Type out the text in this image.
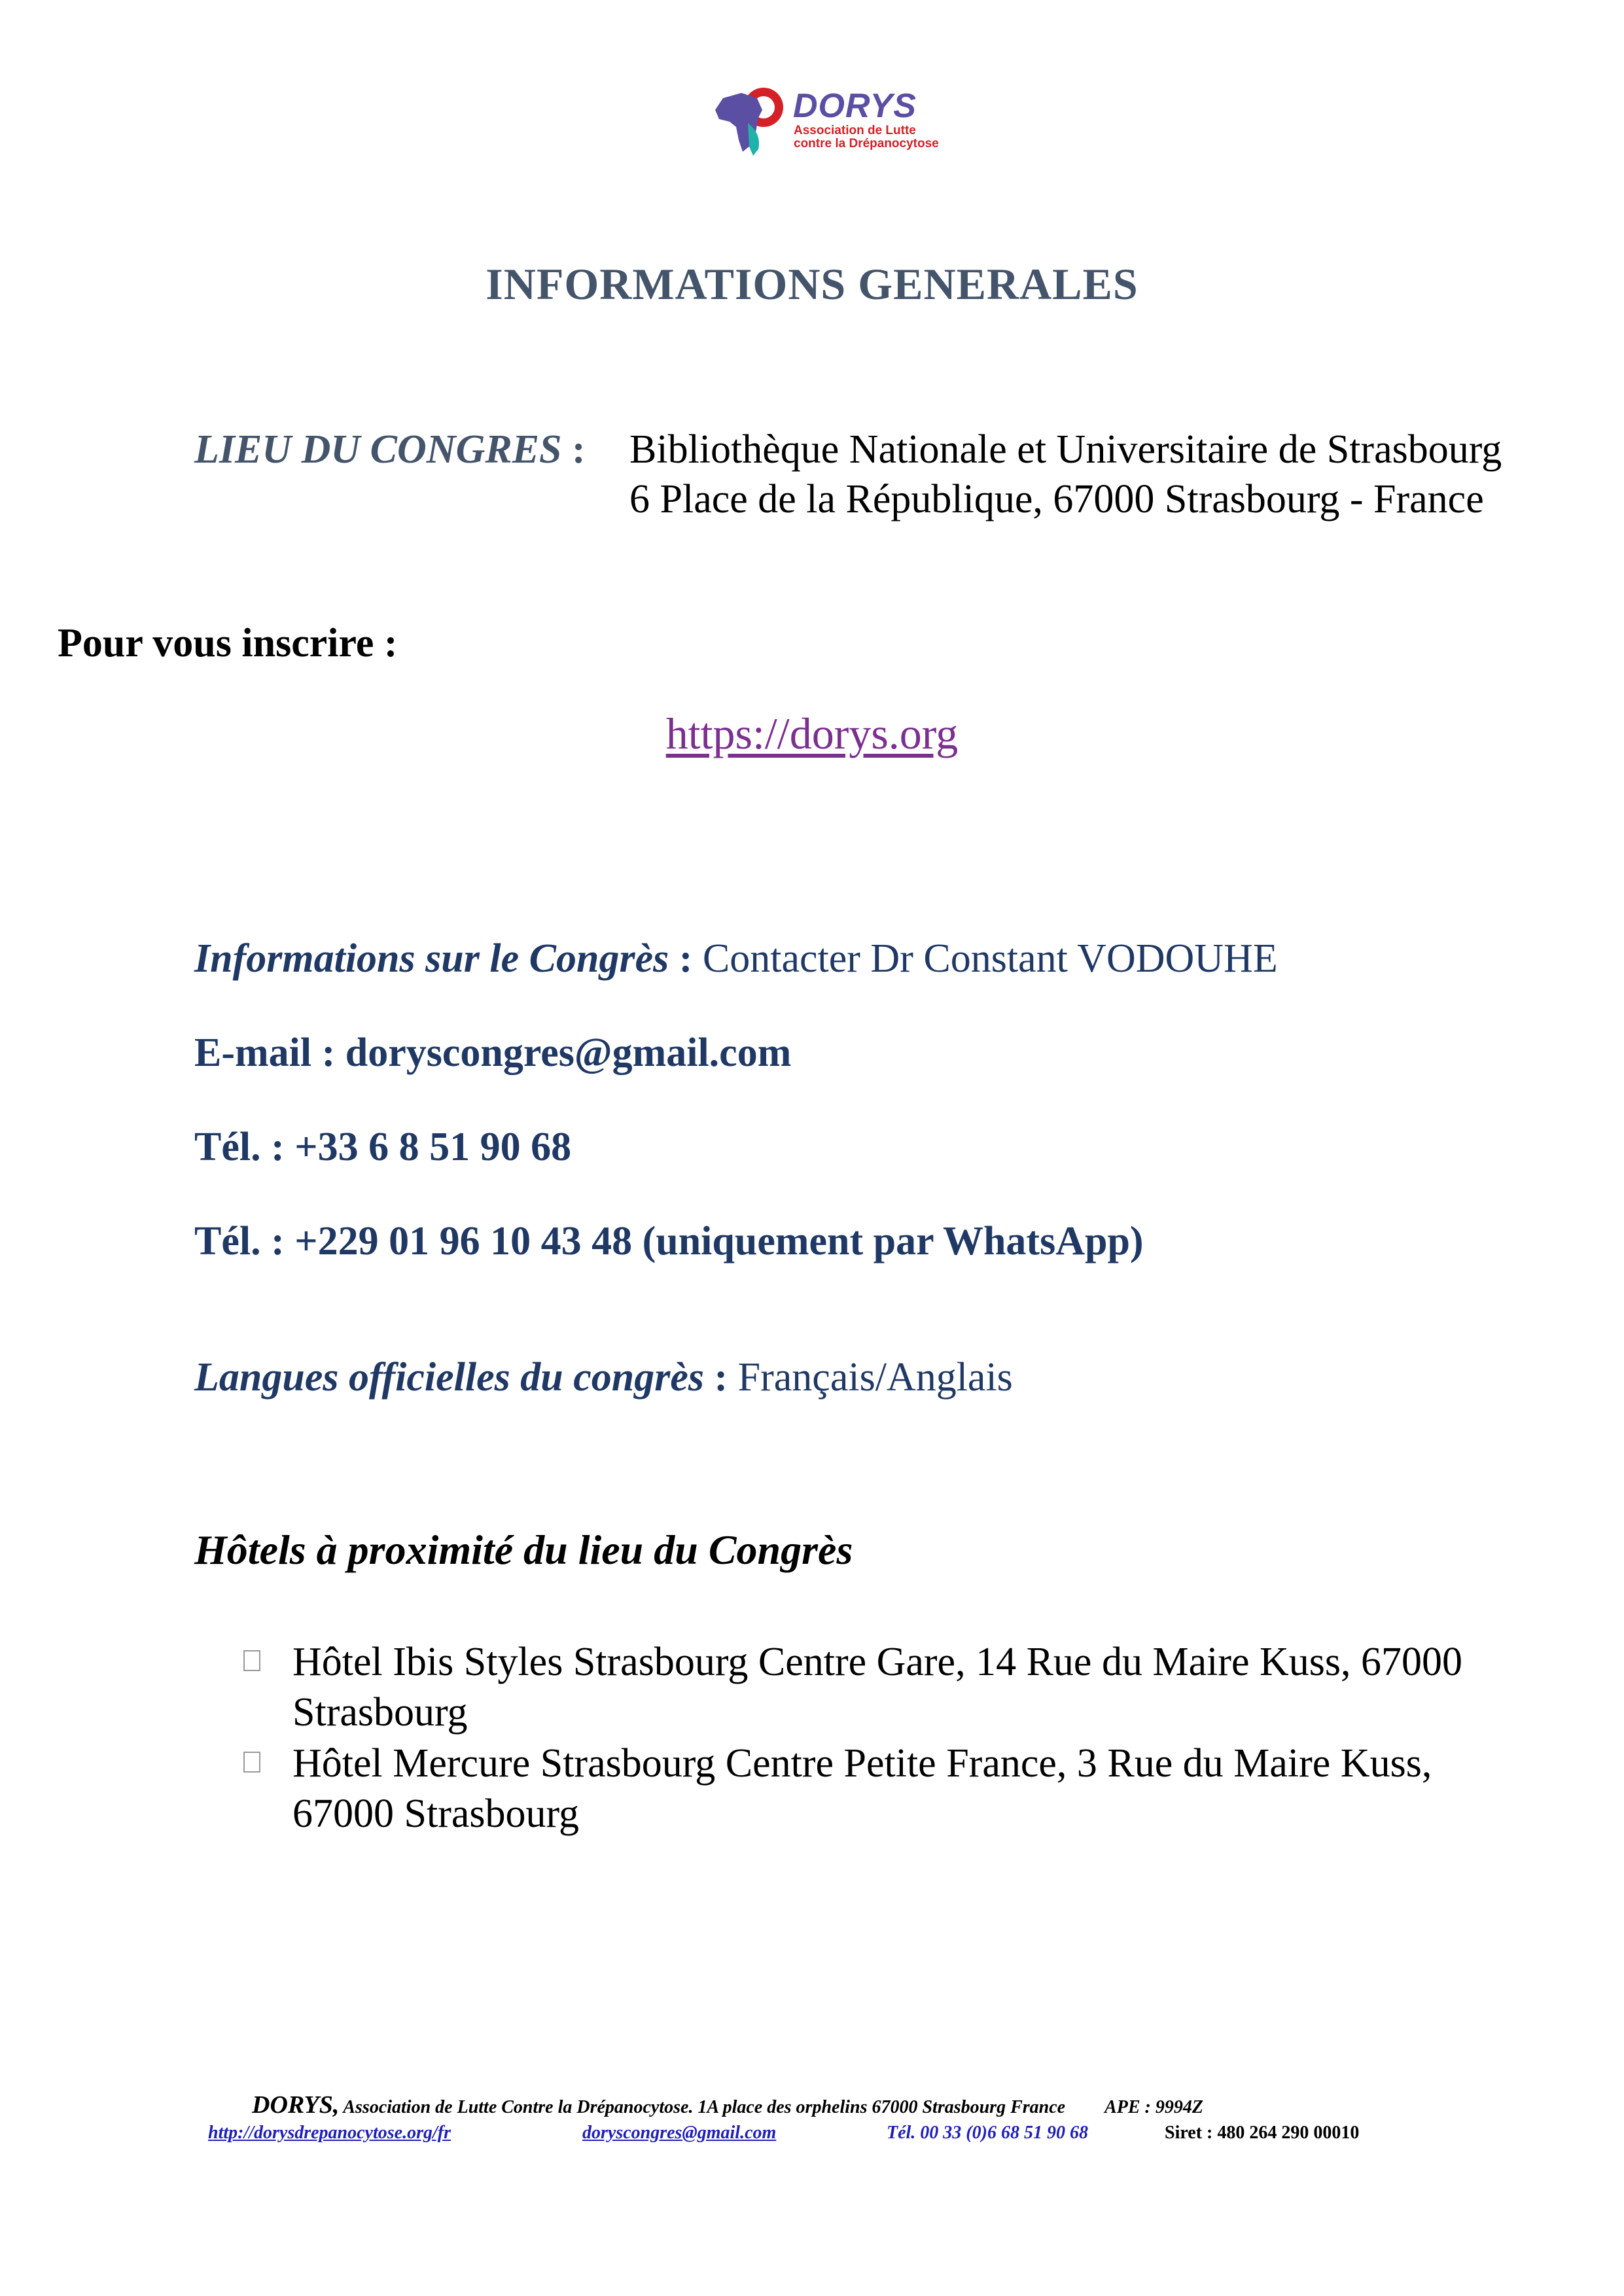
DORYS
Association de Lutte
contre la Drépanocytose
INFORMATIONS GENERALES
LIEU DU CONGRES : Bibliothèque Nationale et Universitaire de Strasbourg
6 Place de la République, 67000 Strasbourg - France
Pour vous inscrire :
https://dorys.org
Informations sur le Congrès : Contacter Dr Constant VODOUHE
E-mail : doryscongres@gmail.com
Tél. : +33 6 8 51 90 68
Tél. : +229 01 96 10 43 48 (uniquement par WhatsApp)
Langues officielles du congrès : Français/Anglais
Hôtels à proximité du lieu du Congrès
Hôtel Ibis Styles Strasbourg Centre Gare, 14 Rue du Maire Kuss, 67000 Strasbourg
Hôtel Mercure Strasbourg Centre Petite France, 3 Rue du Maire Kuss, 67000 Strasbourg
DORYS, Association de Lutte Contre la Drépanocytose. 1A place des orphelins 67000 Strasbourg France APE : 9994Z
http://dorysdrepanocytose.org/fr	doryscongres@gmail.com	Tél. 00 33 (0)6 68 51 90 68	Siret : 480 264 290 00010
